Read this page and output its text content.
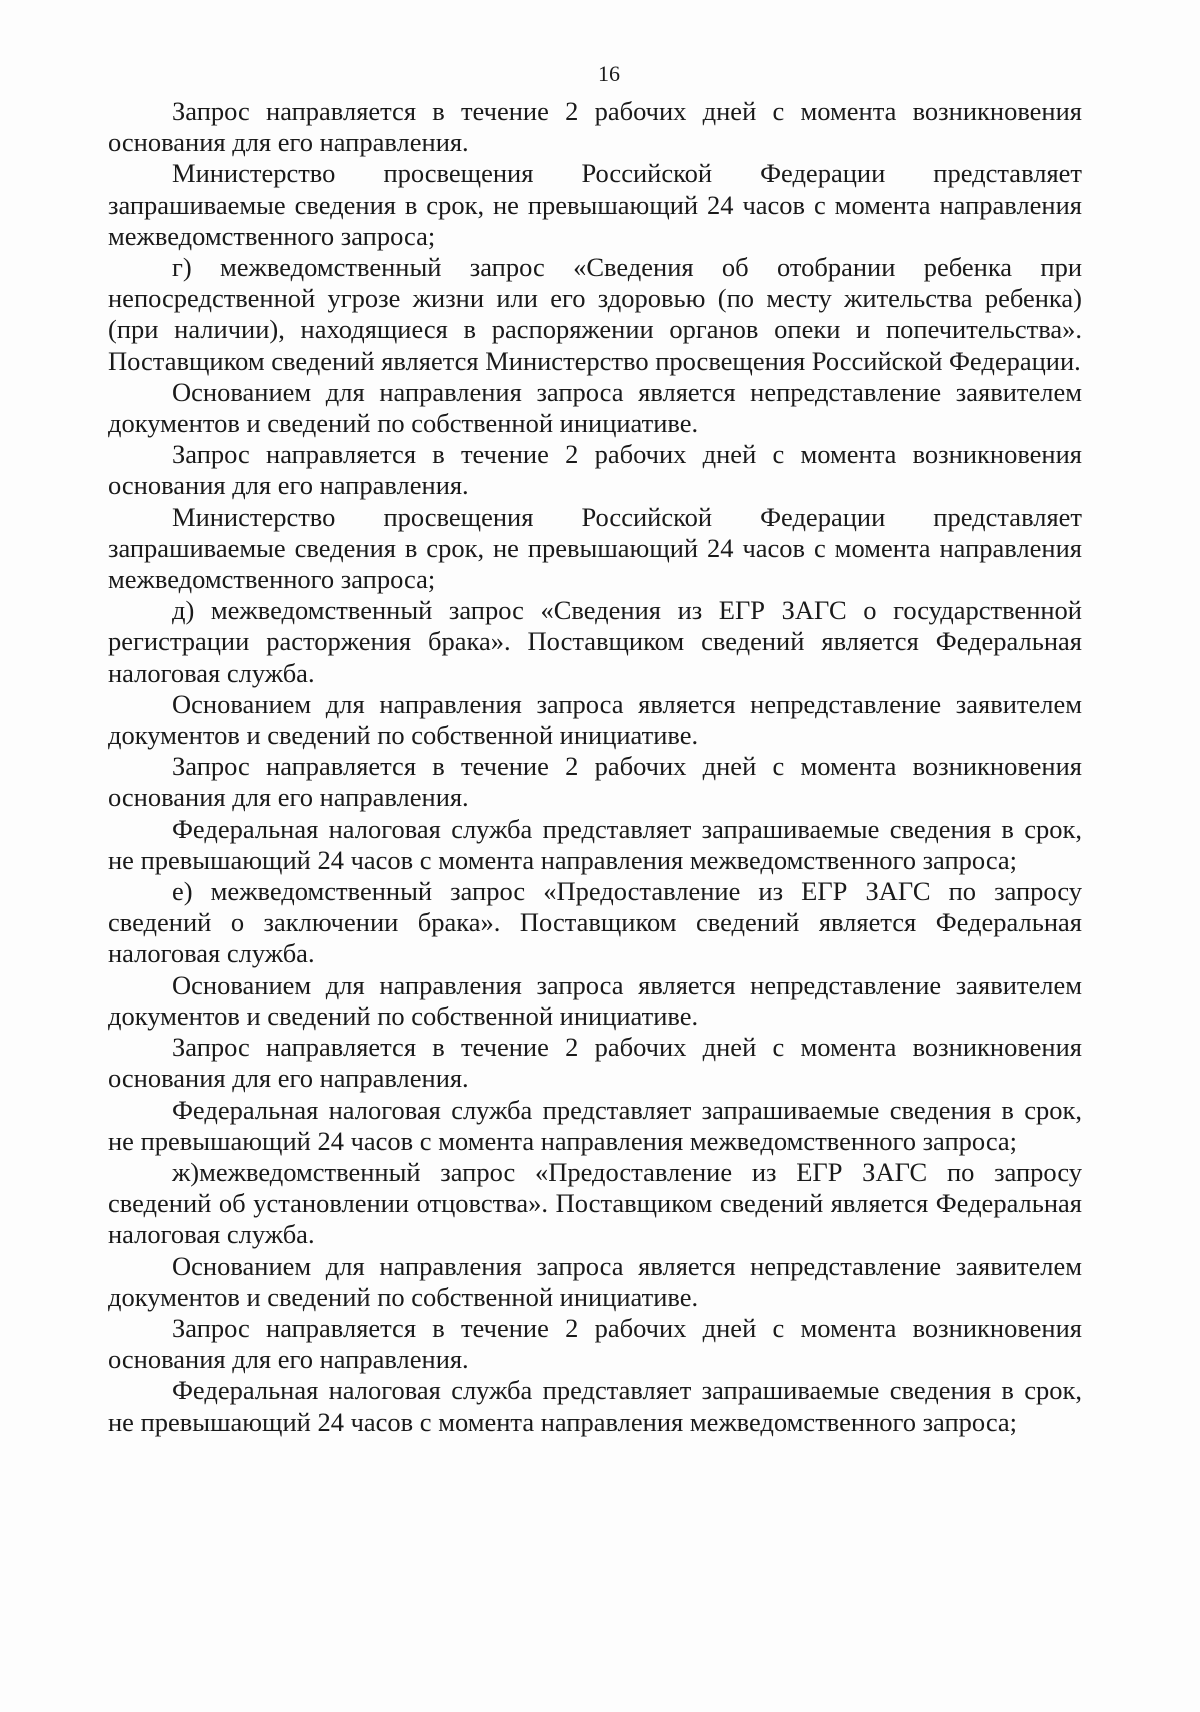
16

Запрос направляется в течение 2 рабочих дней с момента возникновения основания для его направления.

Министерство просвещения Российской Федерации представляет запрашиваемые сведения в срок, не превышающий 24 часов с момента направления межведомственного запроса;

г) межведомственный запрос «Сведения об отобрании ребенка при непосредственной угрозе жизни или его здоровью (по месту жительства ребенка) (при наличии), находящиеся в распоряжении органов опеки и попечительства». Поставщиком сведений является Министерство просвещения Российской Федерации.

Основанием для направления запроса является непредставление заявителем документов и сведений по собственной инициативе.

Запрос направляется в течение 2 рабочих дней с момента возникновения основания для его направления.

Министерство просвещения Российской Федерации представляет запрашиваемые сведения в срок, не превышающий 24 часов с момента направления межведомственного запроса;

д) межведомственный запрос «Сведения из ЕГР ЗАГС о государственной регистрации расторжения брака». Поставщиком сведений является Федеральная налоговая служба.

Основанием для направления запроса является непредставление заявителем документов и сведений по собственной инициативе.

Запрос направляется в течение 2 рабочих дней с момента возникновения основания для его направления.

Федеральная налоговая служба представляет запрашиваемые сведения в срок, не превышающий 24 часов с момента направления межведомственного запроса;

е) межведомственный запрос «Предоставление из ЕГР ЗАГС по запросу сведений о заключении брака». Поставщиком сведений является Федеральная налоговая служба.

Основанием для направления запроса является непредставление заявителем документов и сведений по собственной инициативе.

Запрос направляется в течение 2 рабочих дней с момента возникновения основания для его направления.

Федеральная налоговая служба представляет запрашиваемые сведения в срок, не превышающий 24 часов с момента направления межведомственного запроса;

ж)межведомственный запрос «Предоставление из ЕГР ЗАГС по запросу сведений об установлении отцовства». Поставщиком сведений является Федеральная налоговая служба.

Основанием для направления запроса является непредставление заявителем документов и сведений по собственной инициативе.

Запрос направляется в течение 2 рабочих дней с момента возникновения основания для его направления.

Федеральная налоговая служба представляет запрашиваемые сведения в срок, не превышающий 24 часов с момента направления межведомственного запроса;
